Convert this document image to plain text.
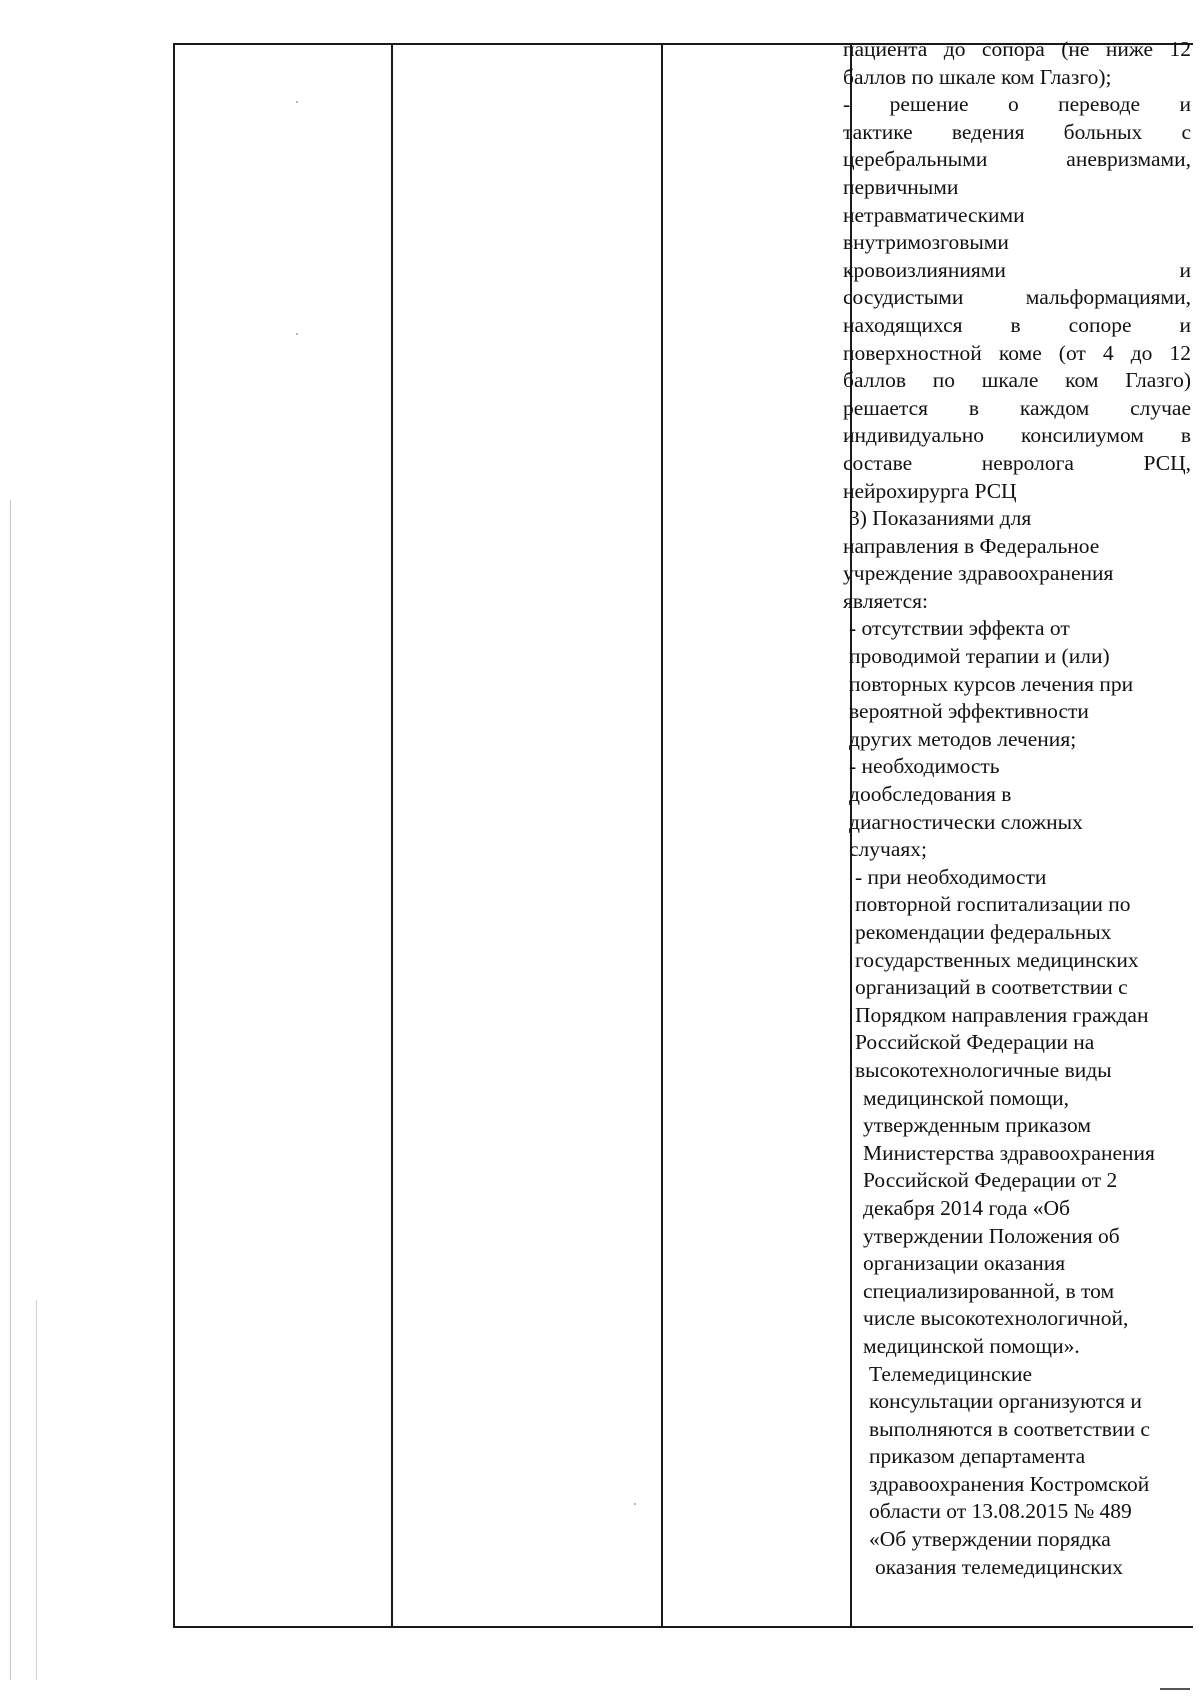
пациента до сопора (не ниже 12

баллов по шкале ком Глазго);

- решение о переводе и

тактике ведения больных с

церебральными аневризмами,

первичными

нетравматическими

внутримозговыми

кровоизлияниями и

сосудистыми мальформациями,

находящихся в сопоре и

поверхностной коме (от 4 до 12

баллов по шкале ком Глазго)

решается в каждом случае

индивидуально консилиумом в

составе невролога РСЦ,

нейрохирурга РСЦ

3) Показаниями для

направления в Федеральное

учреждение здравоохранения

является:

- отсутствии эффекта от

проводимой терапии и (или)

повторных курсов лечения при

вероятной эффективности

других методов лечения;

- необходимость

дообследования в

диагностически сложных

случаях;

- при необходимости

повторной госпитализации по

рекомендации федеральных

государственных медицинских

организаций в соответствии с

Порядком направления граждан

Российской Федерации на

высокотехнологичные виды

медицинской помощи,

утвержденным приказом

Министерства здравоохранения

Российской Федерации от 2

декабря 2014 года «Об

утверждении Положения об

организации оказания

специализированной, в том

числе высокотехнологичной,

медицинской помощи».

Телемедицинские

консультации организуются и

выполняются в соответствии с

приказом департамента

здравоохранения Костромской

области от 13.08.2015 № 489

«Об утверждении порядка

оказания телемедицинских
